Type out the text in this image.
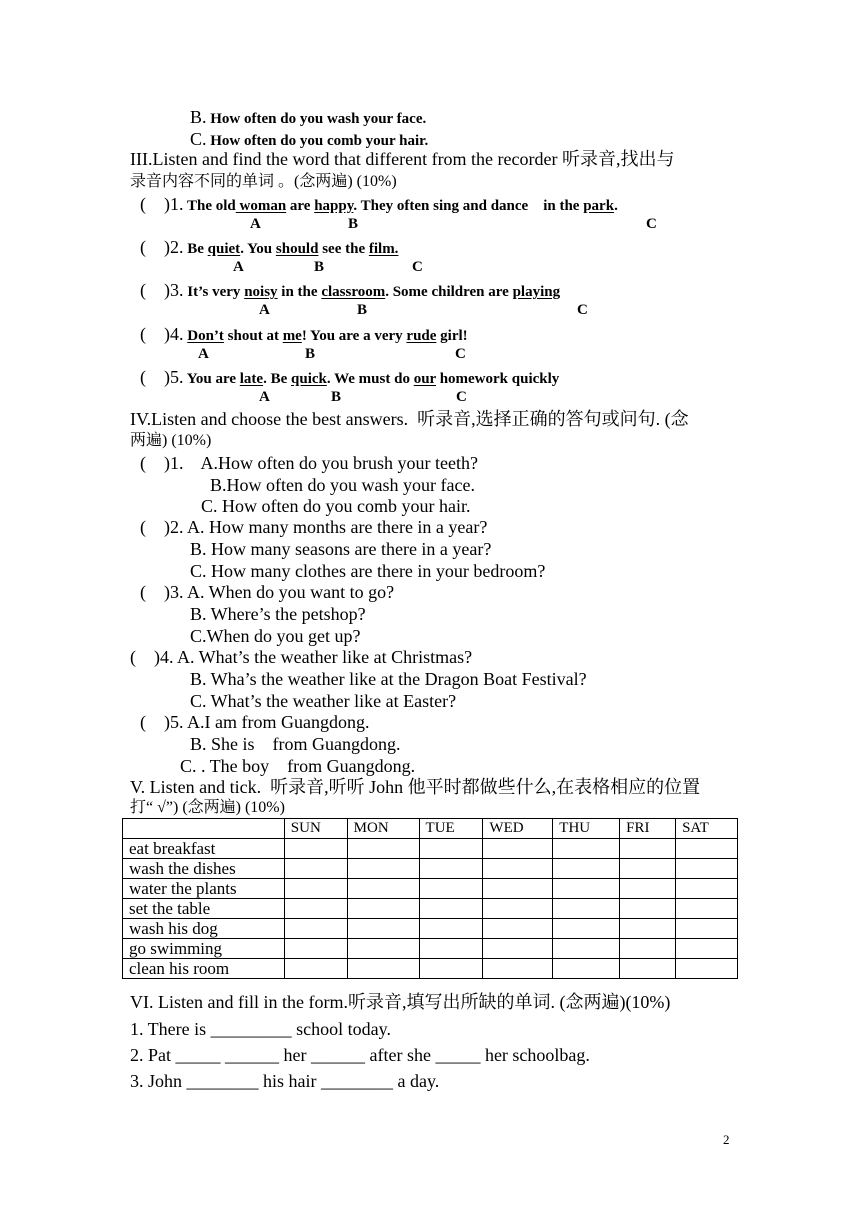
B. How often do you wash your face.
C. How often do you comb your hair.
III.Listen and find the word that different from the recorder 听录音,找出与
录音内容不同的单词 。(念两遍) (10%)
(    )1. The old woman are happy. They often sing and dance    in the park.
A	B	C
(    )2. Be quiet. You should see the film.
A	B	C
(    )3. It’s very noisy in the classroom. Some children are playing
A	B	C
(    )4. Don’t shout at me! You are a very rude girl!
A	B	C
(    )5. You are late. Be quick. We must do our homework quickly
A	B	C
IV.Listen and choose the best answers.  听录音,选择正确的答句或问句. (念
两遍) (10%)
(    )1.    A.How often do you brush your teeth?
B.How often do you wash your face.
C. How often do you comb your hair.
(    )2. A. How many months are there in a year?
B. How many seasons are there in a year?
C. How many clothes are there in your bedroom?
(    )3. A. When do you want to go?
B. Where’s the petshop?
C.When do you get up?
(    )4. A. What’s the weather like at Christmas?
B. Wha’s the weather like at the Dragon Boat Festival?
C. What’s the weather like at Easter?
(    )5. A.I am from Guangdong.
B. She is    from Guangdong.
C. . The boy    from Guangdong.
V. Listen and tick.  听录音,听听 John 他平时都做些什么,在表格相应的位置
打“ √”) (念两遍) (10%)
	SUN	MON	TUE	WED	THU	FRI	SAT
eat breakfast							
wash the dishes							
water the plants							
set the table							
wash his dog							
go swimming							
clean his room							
VI. Listen and fill in the form.听录音,填写出所缺的单词. (念两遍)(10%)
1. There is _________ school today.
2. Pat _____ ______ her ______ after she _____ her schoolbag.
3. John ________ his hair ________ a day.
2
